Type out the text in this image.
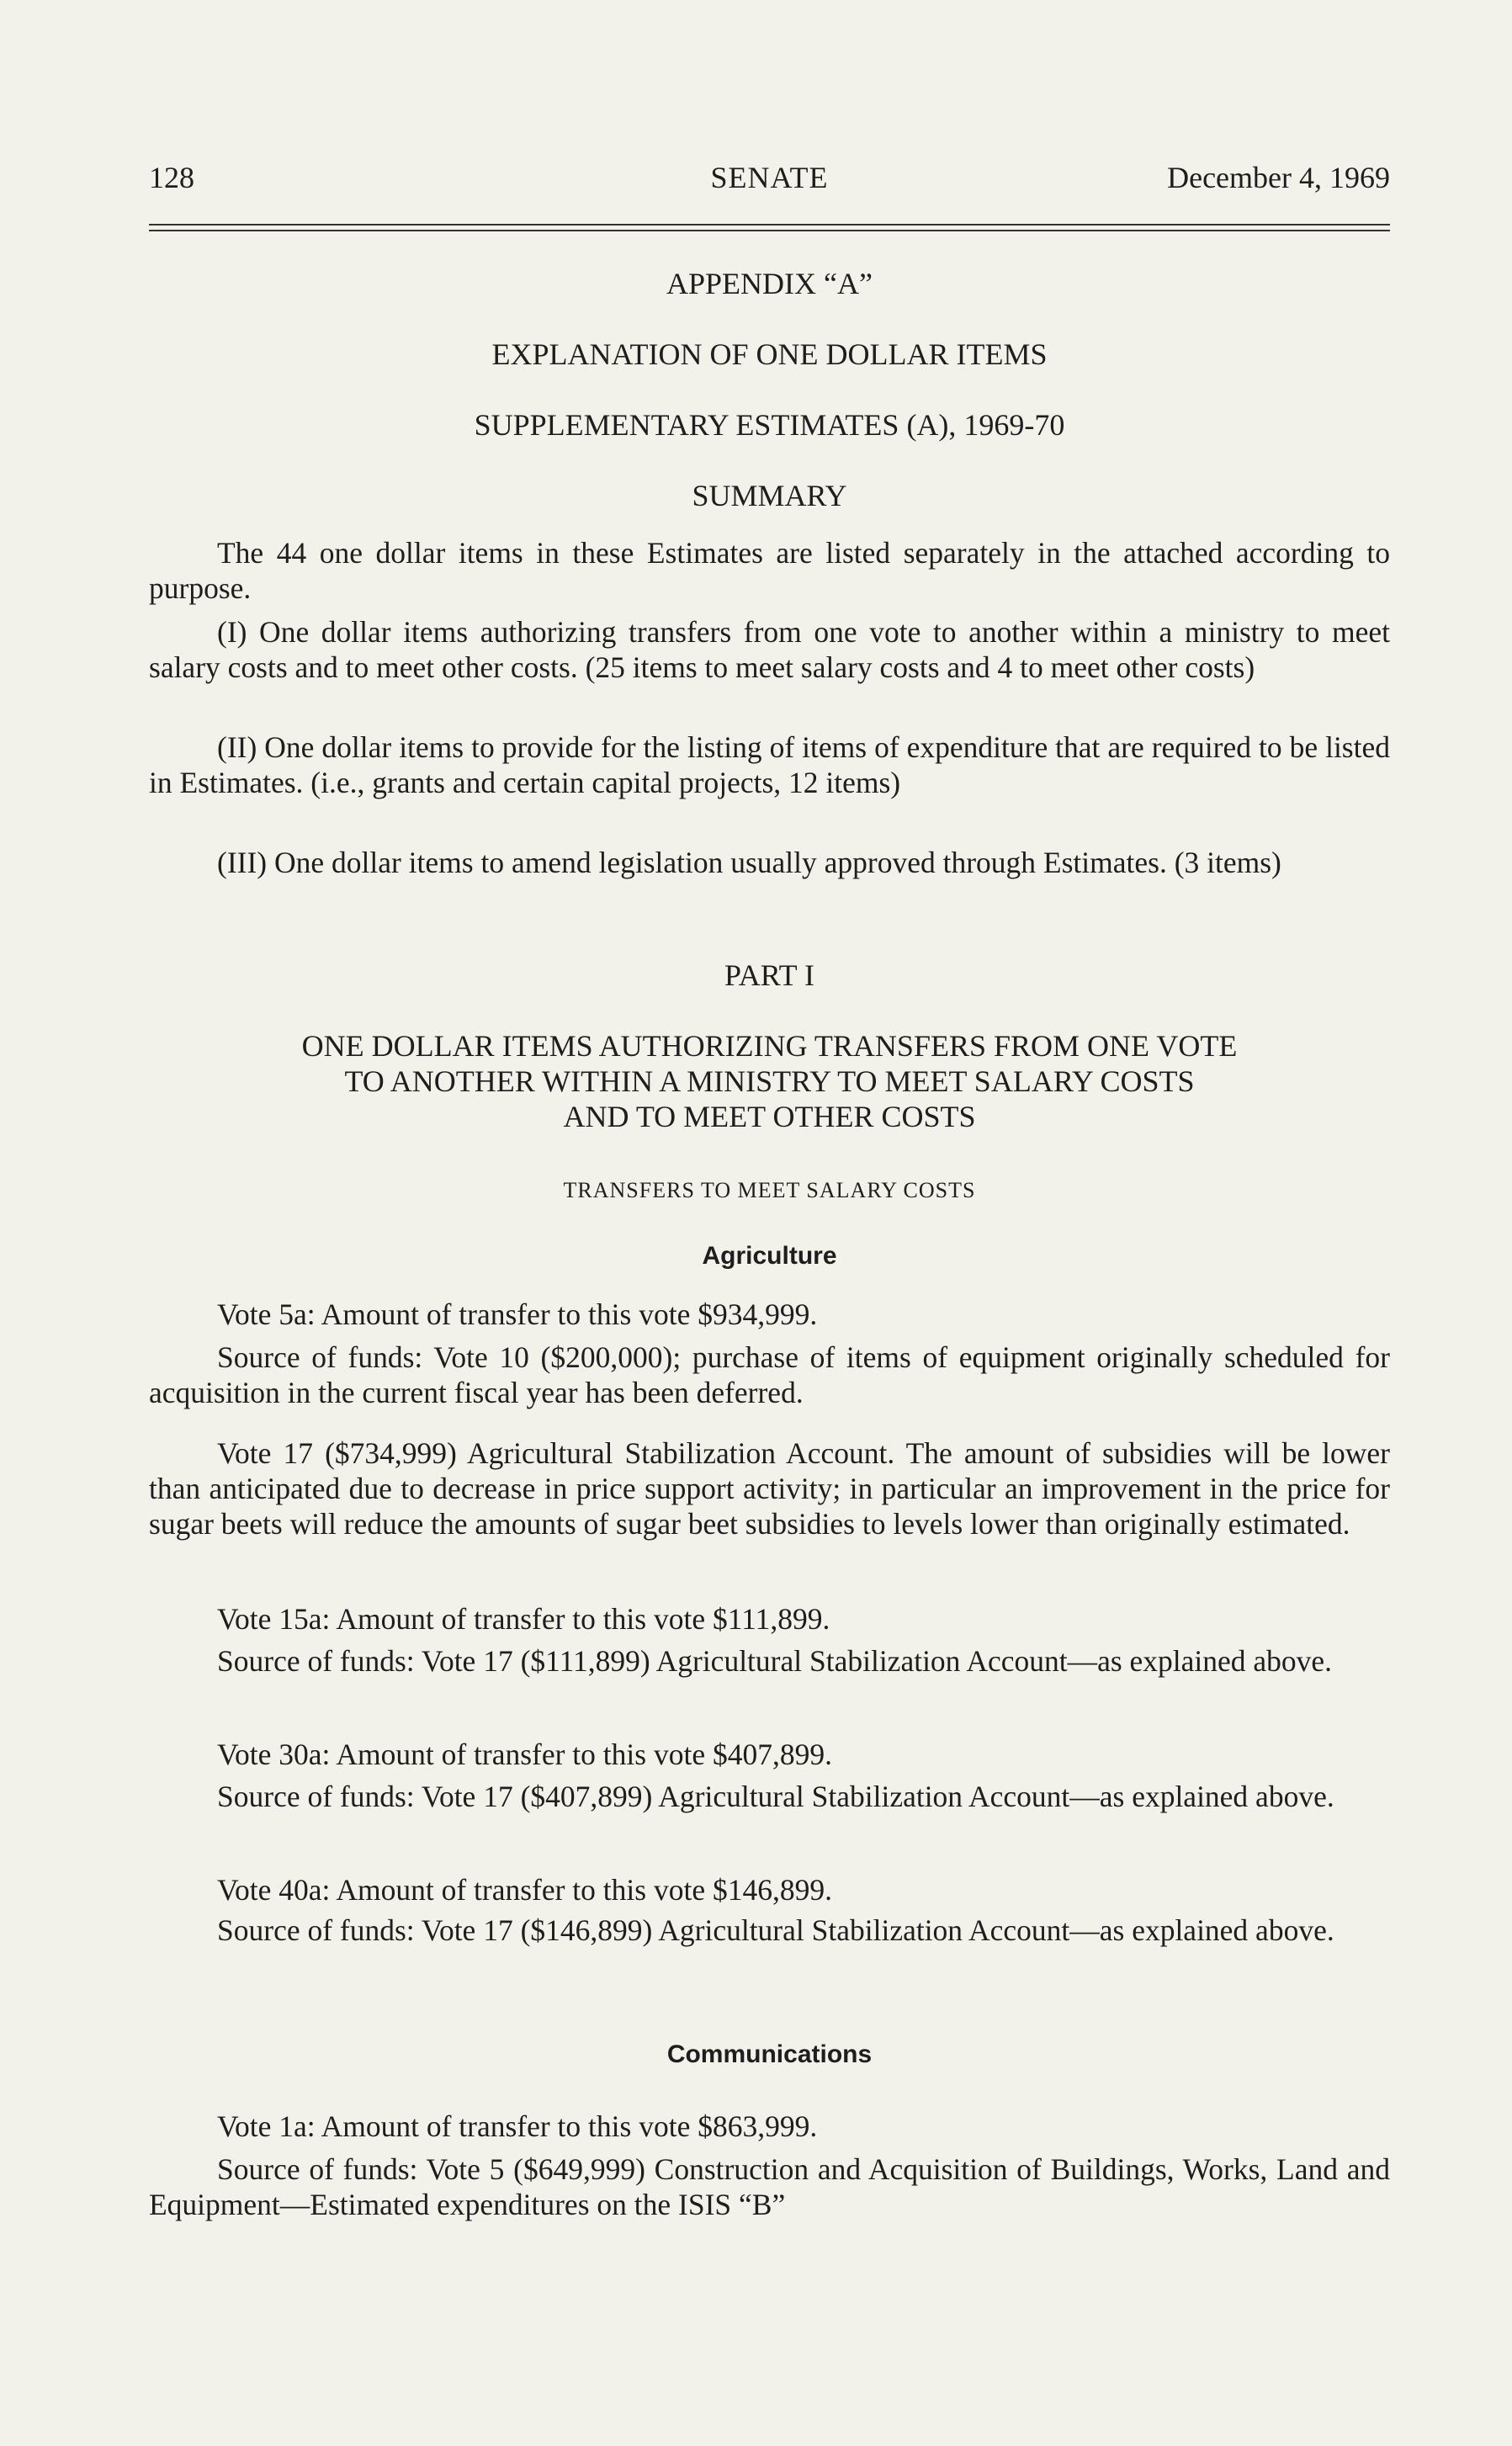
128	SENATE	December 4, 1969
APPENDIX “A”
EXPLANATION OF ONE DOLLAR ITEMS
SUPPLEMENTARY ESTIMATES (A), 1969-70
SUMMARY

The 44 one dollar items in these Estimates are listed separately in the attached according to purpose.

(I) One dollar items authorizing transfers from one vote to another within a ministry to meet salary costs and to meet other costs. (25 items to meet salary costs and 4 to meet other costs)

(II) One dollar items to provide for the listing of items of expenditure that are required to be listed in Estimates. (i.e., grants and certain capital projects, 12 items)

(III) One dollar items to amend legislation usually approved through Estimates. (3 items)

PART I
ONE DOLLAR ITEMS AUTHORIZING TRANSFERS FROM ONE VOTE
TO ANOTHER WITHIN A MINISTRY TO MEET SALARY COSTS
AND TO MEET OTHER COSTS
TRANSFERS TO MEET SALARY COSTS
Agriculture

Vote 5a: Amount of transfer to this vote $934,999.

Source of funds: Vote 10 ($200,000); purchase of items of equipment originally scheduled for acquisition in the current fiscal year has been deferred.

Vote 17 ($734,999) Agricultural Stabilization Account. The amount of subsidies will be lower than anticipated due to decrease in price support activity; in particular an improvement in the price for sugar beets will reduce the amounts of sugar beet subsidies to levels lower than originally estimated.

Vote 15a: Amount of transfer to this vote $111,899.

Source of funds: Vote 17 ($111,899) Agricultural Stabilization Account—as explained above.

Vote 30a: Amount of transfer to this vote $407,899.

Source of funds: Vote 17 ($407,899) Agricultural Stabilization Account—as explained above.

Vote 40a: Amount of transfer to this vote $146,899.

Source of funds: Vote 17 ($146,899) Agricultural Stabilization Account—as explained above.

Communications

Vote 1a: Amount of transfer to this vote $863,999.

Source of funds: Vote 5 ($649,999) Construction and Acquisition of Buildings, Works, Land and Equipment—Estimated expenditures on the ISIS “B”
